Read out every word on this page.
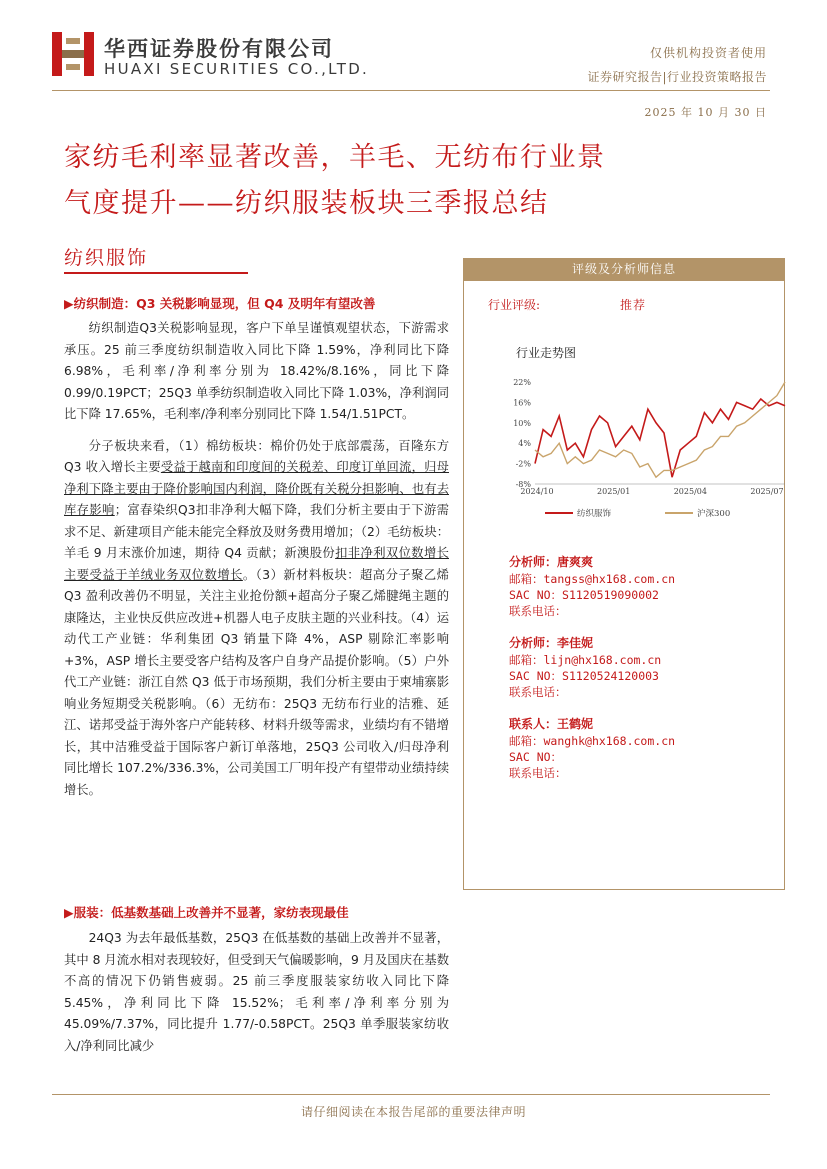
华西证券股份有限公司
HUAXI SECURITIES CO.,LTD.
仅供机构投资者使用
证券研究报告|行业投资策略报告
2025 年 10 月 30 日
家纺毛利率显著改善，羊毛、无纺布行业景
气度提升——纺织服装板块三季报总结
纺织服饰
▶纺织制造：Q3 关税影响显现，但 Q4 及明年有望改善

纺织制造Q3关税影响显现，客户下单呈谨慎观望状态，下游需求承压。25 前三季度纺织制造收入同比下降 1.59%，净利同比下降 6.98%，毛利率/净利率分别为 18.42%/8.16%，同比下降 0.99/0.19PCT；25Q3 单季纺织制造收入同比下降 1.03%，净利润同比下降 17.65%，毛利率/净利率分别同比下降 1.54/1.51PCT。

分子板块来看，（1）棉纺板块：棉价仍处于底部震荡，百隆东方 Q3 收入增长主要受益于越南和印度间的关税差、印度订单回流，归母净利下降主要由于降价影响国内利润，降价既有关税分担影响、也有去库存影响；富春染织Q3扣非净利大幅下降，我们分析主要由于下游需求不足、新建项目产能未能完全释放及财务费用增加；（2）毛纺板块：羊毛 9 月末涨价加速，期待 Q4 贡献；新澳股份扣非净利双位数增长主要受益于羊绒业务双位数增长。（3）新材料板块：超高分子聚乙烯 Q3 盈利改善仍不明显，关注主业抢份额+超高分子聚乙烯腱绳主题的康隆达，主业快反供应改进+机器人电子皮肤主题的兴业科技。（4）运动代工产业链：华利集团 Q3 销量下降 4%，ASP 剔除汇率影响+3%，ASP 增长主要受客户结构及客户自身产品提价影响。（5）户外代工产业链：浙江自然 Q3 低于市场预期，我们分析主要由于柬埔寨影响业务短期受关税影响。（6）无纺布：25Q3 无纺布行业的洁雅、延江、诺邦受益于海外客户产能转移、材料升级等需求，业绩均有不错增长，其中洁雅受益于国际客户新订单落地，25Q3 公司收入/归母净利同比增长 107.2%/336.3%，公司美国工厂明年投产有望带动业绩持续增长。

▶服装：低基数基础上改善并不显著，家纺表现最佳

24Q3 为去年最低基数，25Q3 在低基数的基础上改善并不显著，其中 8 月流水相对表现较好，但受到天气偏暖影响，9 月及国庆在基数不高的情况下仍销售疲弱。25 前三季度服装家纺收入同比下降 5.45%，净利同比下降 15.52%；毛利率/净利率分别为 45.09%/7.37%，同比提升 1.77/-0.58PCT。25Q3 单季服装家纺收入/净利同比减少

评级及分析师信息
行业评级:	推荐
行业走势图
22%
16%
10%
4%
-2%
-8%
2024/10	2025/01	2025/04	2025/07
纺织服饰	沪深300
分析师：唐爽爽
邮箱：tangss@hx168.com.cn
SAC NO：S1120519090002
联系电话：
分析师：李佳妮
邮箱：lijn@hx168.com.cn
SAC NO：S1120524120003
联系电话：
联系人：王鹤妮
邮箱：wanghk@hx168.com.cn
SAC NO：
联系电话：
请仔细阅读在本报告尾部的重要法律声明
